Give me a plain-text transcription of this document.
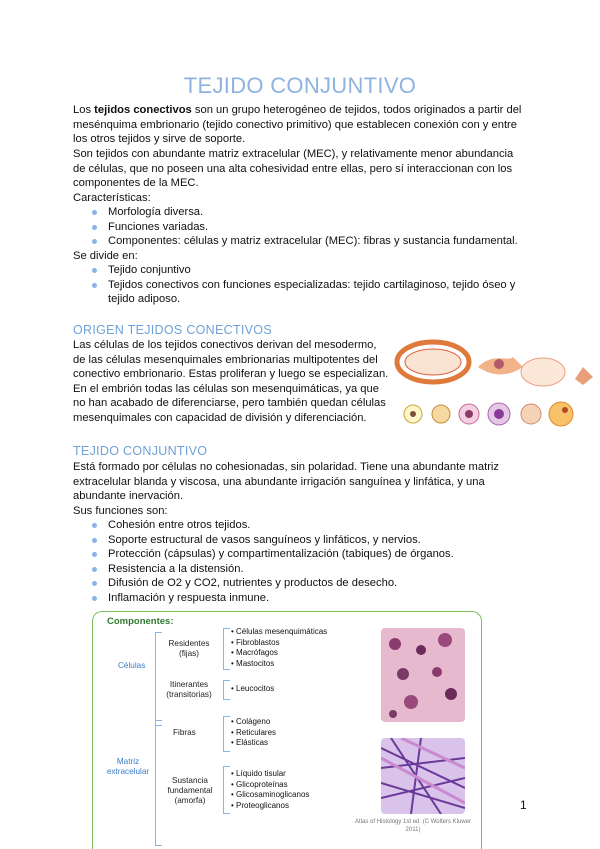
TEJIDO CONJUNTIVO

Los tejidos conectivos son un grupo heterogéneo de tejidos, todos originados a partir del mesénquima embrionario (tejido conectivo primitivo) que establecen conexión con y entre los otros tejidos y sirve de soporte.

Son tejidos con abundante matriz extracelular (MEC), y relativamente menor abundancia de células, que no poseen una alta cohesividad entre ellas, pero sí interaccionan con los componentes de la MEC.

Características:

Morfología diversa.
Funciones variadas.
Componentes: células y matriz extracelular (MEC): fibras y sustancia fundamental.

Se divide en:

Tejido conjuntivo
Tejidos conectivos con funciones especializadas: tejido cartilaginoso, tejido óseo y tejido adiposo.
ORIGEN TEJIDOS CONECTIVOS

Las células de los tejidos conectivos derivan del mesodermo, de las células mesenquimales embrionarias multipotentes del conectivo embrionario. Estas proliferan y luego se especializan. En el embrión todas las células son mesenquimáticas, ya que no han acabado de diferenciarse, pero también quedan células mesenquimales con capacidad de división y diferenciación.

TEJIDO CONJUNTIVO

Está formado por células no cohesionadas, sin polaridad. Tiene una abundante matriz extracelular blanda y viscosa, una abundante irrigación sanguínea y linfática, y una abundante inervación.

Sus funciones son:

Cohesión entre otros tejidos.
Soporte estructural de vasos sanguíneos y linfáticos, y nervios.
Protección (cápsulas) y compartimentalización (tabiques) de órganos.
Resistencia a la distensión.
Difusión de O2 y CO2, nutrientes y productos de desecho.
Inflamación y respuesta inmune.
Componentes:
Células
Residentes (fijas)
• Células mesenquimáticas
• Fibroblastos
• Macrófagos
• Mastocitos
Itinerantes (transitorias)
• Leucocitos
Matriz extracelular
Fibras
• Colágeno
• Reticulares
• Elásticas
Sustancia fundamental (amorfa)
• Líquido tisular
• Glicoproteínas
• Glicosaminoglicanos
• Proteoglicanos
Atlas of Histology 1st ed. (C Wolters Kluwer 2011)
1
